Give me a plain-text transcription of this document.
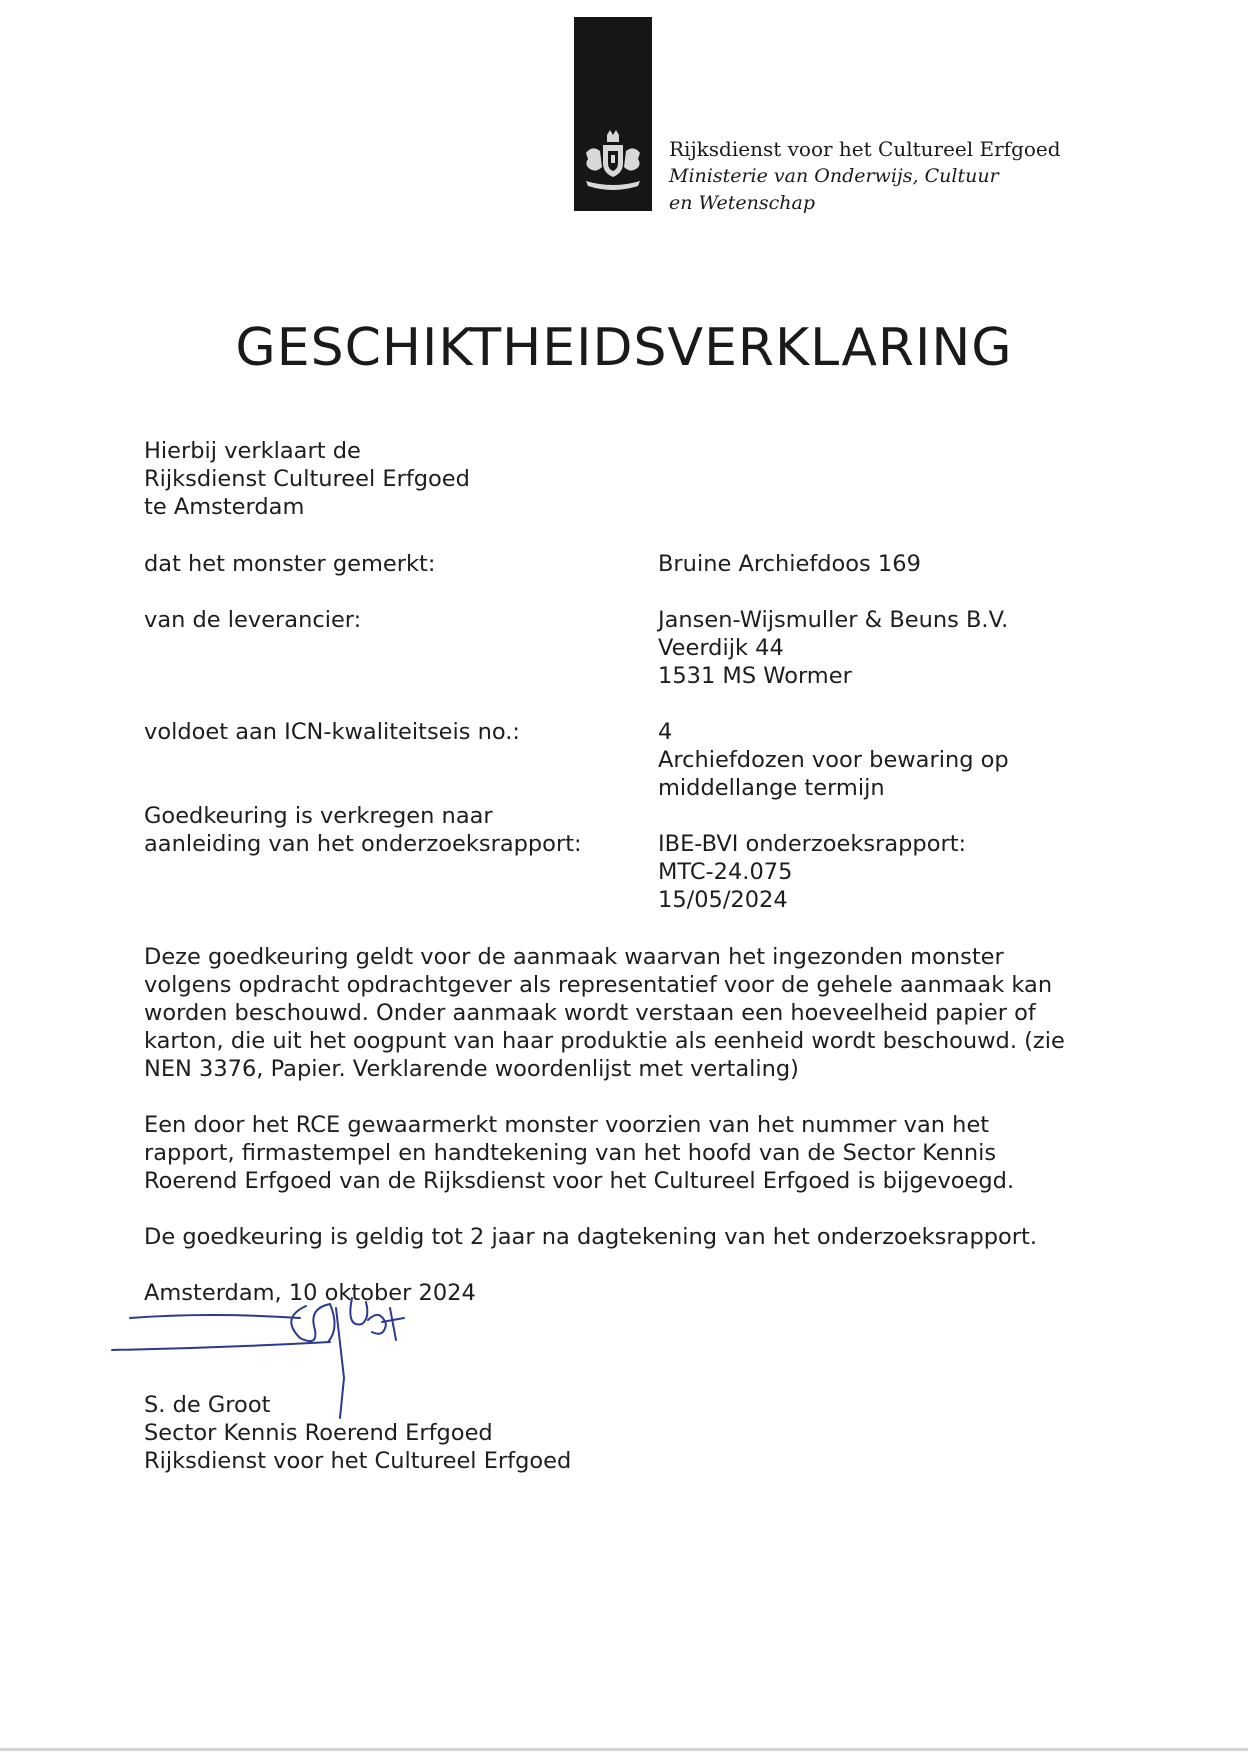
Rijksdienst voor het Cultureel Erfgoed
Ministerie van Onderwijs, Cultuur en Wetenschap
GESCHIKTHEIDSVERKLARING
Hierbij verklaart de
Rijksdienst Cultureel Erfgoed
te Amsterdam
dat het monster gemerkt:	Bruine Archiefdoos 169
van de leverancier:	Jansen-Wijsmuller & Beuns B.V.
Veerdijk 44
1531 MS Wormer
voldoet aan ICN-kwaliteitseis no.:	4
Archiefdozen voor bewaring op
middellange termijn
Goedkeuring is verkregen naar
aanleiding van het onderzoeksrapport:	IBE-BVI onderzoeksrapport:
MTC-24.075
15/05/2024
Deze goedkeuring geldt voor de aanmaak waarvan het ingezonden monster
volgens opdracht opdrachtgever als representatief voor de gehele aanmaak kan
worden beschouwd. Onder aanmaak wordt verstaan een hoeveelheid papier of
karton, die uit het oogpunt van haar produktie als eenheid wordt beschouwd. (zie
NEN 3376, Papier. Verklarende woordenlijst met vertaling)
Een door het RCE gewaarmerkt monster voorzien van het nummer van het
rapport, firmastempel en handtekening van het hoofd van de Sector Kennis
Roerend Erfgoed van de Rijksdienst voor het Cultureel Erfgoed is bijgevoegd.
De goedkeuring is geldig tot 2 jaar na dagtekening van het onderzoeksrapport.
Amsterdam, 10 oktober 2024
S. de Groot
Sector Kennis Roerend Erfgoed
Rijksdienst voor het Cultureel Erfgoed
